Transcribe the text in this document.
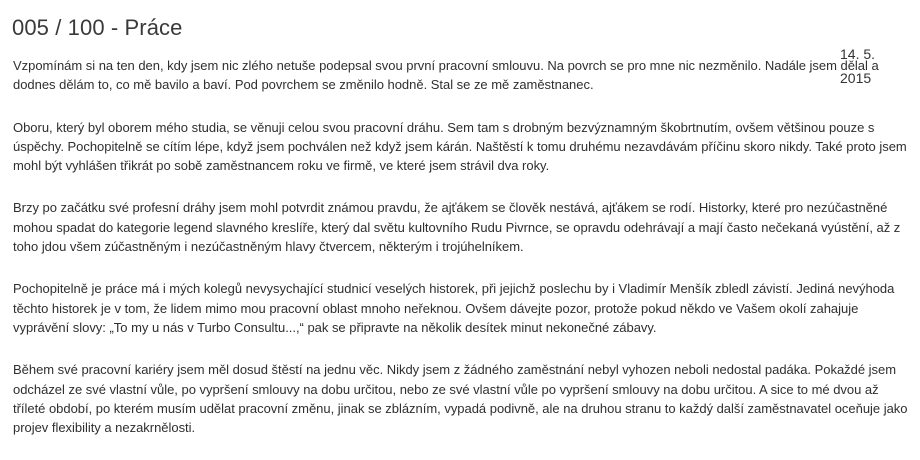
005 / 100 - Práce
14. 5.
2015

Vzpomínám si na ten den, kdy jsem nic zlého netuše podepsal svou první pracovní smlouvu. Na povrch se pro mne nic nezměnilo. Nadále jsem dělal a dodnes dělám to, co mě bavilo a baví. Pod povrchem se změnilo hodně. Stal se ze mě zaměstnanec.

Oboru, který byl oborem mého studia, se věnuji celou svou pracovní dráhu. Sem tam s drobným bezvýznamným škobrtnutím, ovšem většinou pouze s úspěchy. Pochopitelně se cítím lépe, když jsem pochválen než když jsem kárán. Naštěstí k tomu druhému nezavdávám příčinu skoro nikdy. Také proto jsem mohl být vyhlášen třikrát po sobě zaměstnancem roku ve firmě, ve které jsem strávil dva roky.

Brzy po začátku své profesní dráhy jsem mohl potvrdit známou pravdu, že ajťákem se člověk nestává, ajťákem se rodí. Historky, které pro nezúčastněné mohou spadat do kategorie legend slavného kreslíře, který dal světu kultovního Rudu Pivrnce, se opravdu odehrávají a mají často nečekaná vyústění, až z toho jdou všem zúčastněným i nezúčastněným hlavy čtvercem, některým i trojúhelníkem.

Pochopitelně je práce má i mých kolegů nevysychající studnicí veselých historek, při jejichž poslechu by i Vladimír Menšík zbledl závistí. Jediná nevýhoda těchto historek je v tom, že lidem mimo mou pracovní oblast mnoho neřeknou. Ovšem dávejte pozor, protože pokud někdo ve Vašem okolí zahajuje vyprávění slovy: „To my u nás v Turbo Consultu...,“ pak se připravte na několik desítek minut nekonečné zábavy.

Během své pracovní kariéry jsem měl dosud štěstí na jednu věc. Nikdy jsem z žádného zaměstnání nebyl vyhozen neboli nedostal padáka. Pokaždé jsem odcházel ze své vlastní vůle, po vypršení smlouvy na dobu určitou, nebo ze své vlastní vůle po vypršení smlouvy na dobu určitou. A sice to mé dvou až tříleté období, po kterém musím udělat pracovní změnu, jinak se zblázním, vypadá podivně, ale na druhou stranu to každý další zaměstnavatel oceňuje jako projev flexibility a nezakrnělosti.
